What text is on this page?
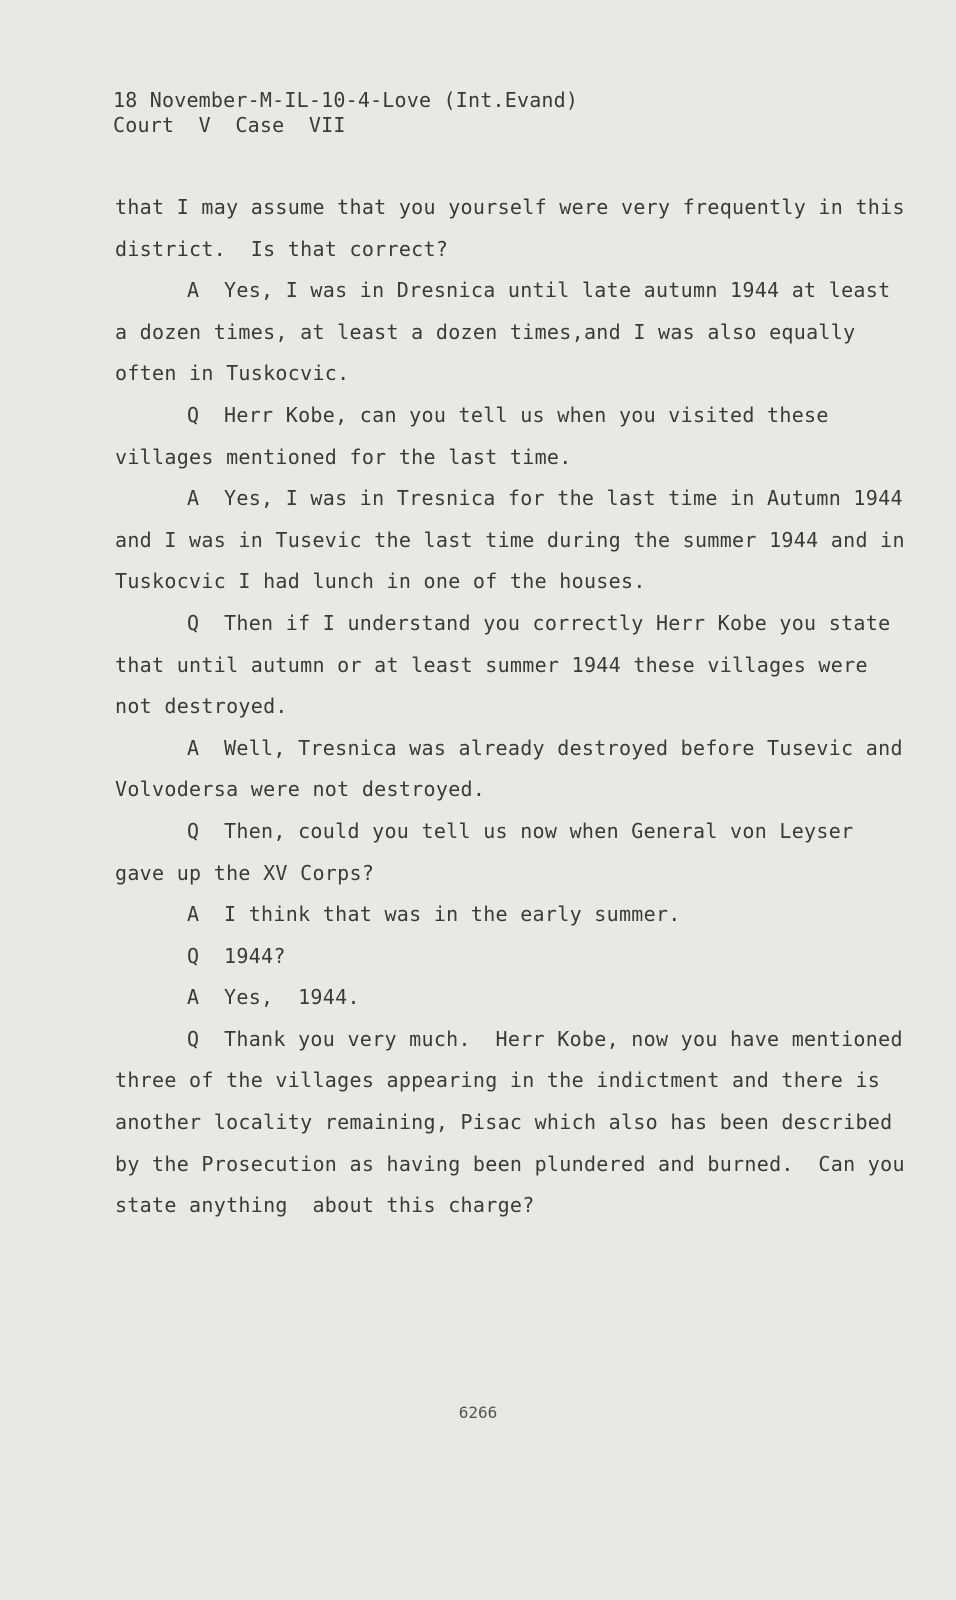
18 November-M-IL-10-4-Love (Int.Evand)
Court  V  Case  VII

that I may assume that you yourself were very frequently in this district.  Is that correct?

A Yes, I was in Dresnica until late autumn 1944 at least a dozen times, at least a dozen times,and I was also equally often in Tuskocvic.

Q Herr Kobe, can you tell us when you visited these villages mentioned for the last time.

A Yes, I was in Tresnica for the last time in Autumn 1944 and I was in Tusevic the last time during the summer 1944 and in Tuskocvic I had lunch in one of the houses.

Q Then if I understand you correctly Herr Kobe you state that until autumn or at least summer 1944 these villages were not destroyed.

A Well, Tresnica was already destroyed before Tusevic and Volvodersa were not destroyed.

Q Then, could you tell us now when General von Leyser gave up the XV Corps?

A I think that was in the early summer.

Q 1944?

A Yes,  1944.

Q Thank you very much.  Herr Kobe, now you have mentioned three of the villages appearing in the indictment and there is another locality remaining, Pisac which also has been described by the Prosecution as having been plundered and burned.  Can you state anything  about this charge?

6266
